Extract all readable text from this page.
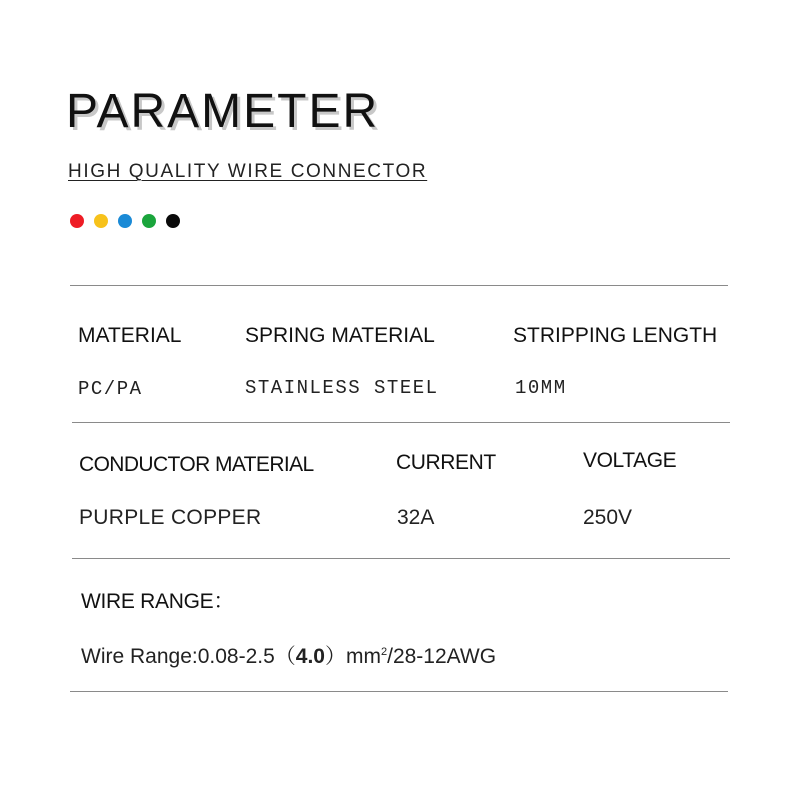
PARAMETER
HIGH QUALITY WIRE CONNECTOR
MATERIAL
PC/PA
SPRING MATERIAL
STAINLESS STEEL
STRIPPING LENGTH
10MM
CONDUCTOR MATERIAL
PURPLE COPPER
CURRENT
32A
VOLTAGE
250V
WIRE RANGE：
Wire $Range:0.08-2.5(4.0)mm^2/28-12AWG$
